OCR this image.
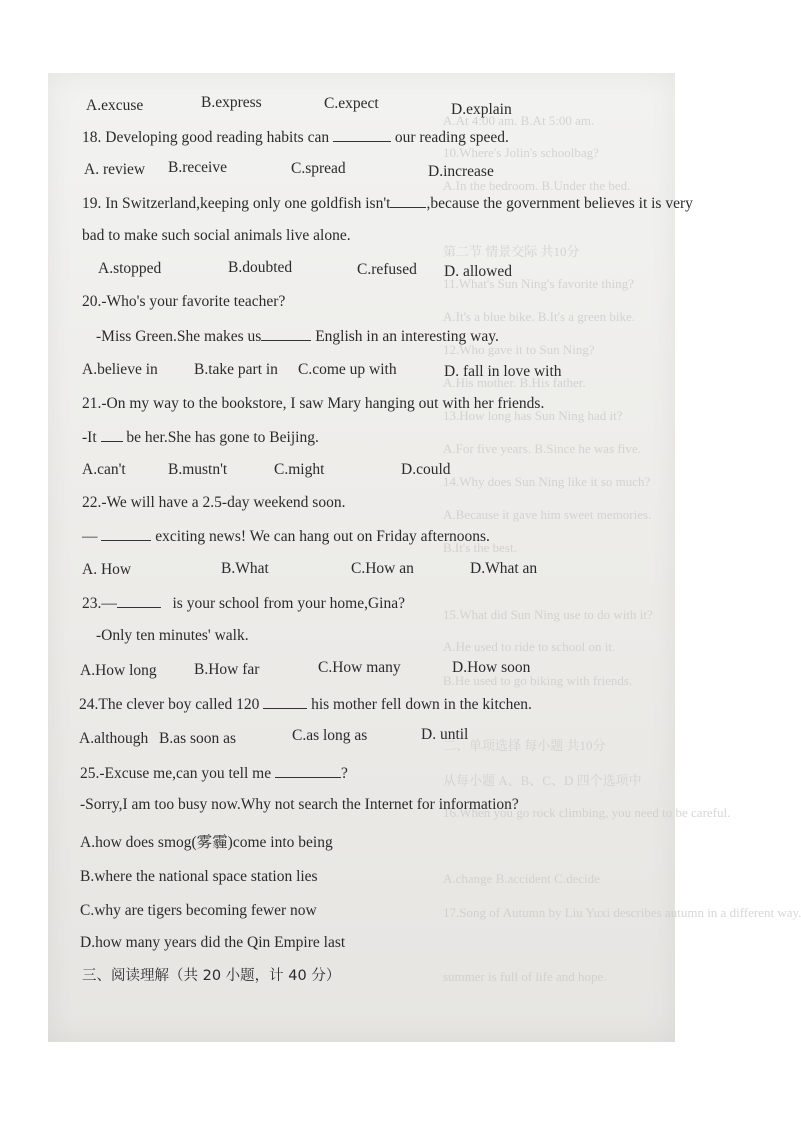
A.At 4:00 am. B.At 5:00 am.
10.Where's Jolin's schoolbag?
A.In the bedroom. B.Under the bed.
第二节 情景交际 共10分
11.What's Sun Ning's favorite thing?
A.It's a blue bike. B.It's a green bike.
12.Who gave it to Sun Ning?
A.His mother. B.His father.
13.How long has Sun Ning had it?
A.For five years. B.Since he was five.
14.Why does Sun Ning like it so much?
A.Because it gave him sweet memories.
B.It's the best.
15.What did Sun Ning use to do with it?
A.He used to ride to school on it.
B.He used to go biking with friends.
二、单项选择 每小题 共10分
从每小题 A、B、C、D 四个选项中
16.When you go rock climbing, you need to be careful.
A.change B.accident C.decide
17.Song of Autumn by Liu Yuxi describes autumn in a different way.
summer is full of life and hope.
A.excuse	B.express	C.expect	D.explain
18. Developing good reading habits can	our reading speed.
A. review B.receive	C.spread	D.increase
19. In Switzerland,keeping only one goldfish isn't ,because the government believes it is very
bad to make such social animals live alone.
A.stopped	B.doubted	C.refused D. allowed
20.-Who's your favorite teacher?
-Miss Green.She makes us	English in an interesting way.
A.believe in B.take part in C.come up with	D. fall in love with
21.-On my way to the bookstore, I saw Mary hanging out with her friends.
-It be her.She has gone to Beijing.
A.can't	B.mustn't	C.might	D.could
22.-We will have a 2.5-day weekend soon.
—	exciting news! We can hang out on Friday afternoons.
A. How	B.What	C.How an	D.What an
23.—	is your school from your home,Gina?
-Only ten minutes' walk.
A.How long B.How far	C.How many	D.How soon
24.The clever boy called 120	his mother fell down in the kitchen.
A.although B.as soon as	C.as long as	D. until
25.-Excuse me,can you tell me	?
-Sorry,I am too busy now.Why not search the Internet for information?
A.how does smog(雾霾)come into being
B.where the national space station lies
C.why are tigers becoming fewer now
D.how many years did the Qin Empire last
三、阅读理解（共 20 小题，计 40 分）
